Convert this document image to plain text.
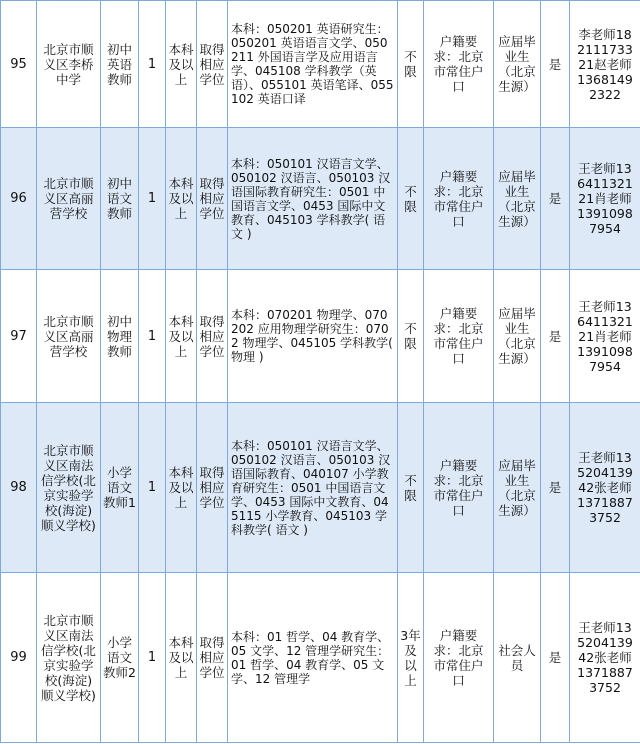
95	北京市顺义区李桥中学	初中英语教师	1	本科及以上	取得相应学位	本科：050201 英语研究生：050201 英语语言文学、050211 外国语言学及应用语言学、045108 学科教学（英语）、055101 英语笔译、055102 英语口译	不限	户籍要求：北京市常住户口	应届毕业生（北京生源）	是	李老师18211173321赵老师13681492322
96	北京市顺义区高丽营学校	初中语文教师	1	本科及以上	取得相应学位	本科：050101 汉语言文学、050102 汉语言、050103 汉语国际教育研究生：0501 中国语言文学、0453 国际中文教育、045103 学科教学( 语文 )	不限	户籍要求：北京市常住户口	应届毕业生（北京生源）	是	王老师13641132121肖老师13910987954
97	北京市顺义区高丽营学校	初中物理教师	1	本科及以上	取得相应学位	本科：070201 物理学、070202 应用物理学研究生：0702 物理学、045105 学科教学( 物理 )	不限	户籍要求：北京市常住户口	应届毕业生（北京生源）	是	王老师13641132121肖老师13910987954
98	北京市顺义区南法信学校(北京实验学校(海淀)顺义学校)	小学语文教师1	1	本科及以上	取得相应学位	本科：050101 汉语言文学、050102 汉语言、050103 汉语国际教育、040107 小学教育研究生：0501 中国语言文学、0453 国际中文教育、045115 小学教育、045103 学科教学( 语文 )	不限	户籍要求：北京市常住户口	应届毕业生（北京生源）	是	王老师13520413942张老师13718873752
99	北京市顺义区南法信学校(北京实验学校(海淀)顺义学校)	小学语文教师2	1	本科及以上	取得相应学位	本科：01 哲学、04 教育学、05 文学、12 管理学研究生：01 哲学、04 教育学、05 文学、12 管理学	3年及以上	户籍要求：北京市常住户口	社会人员	是	王老师13520413942张老师13718873752
